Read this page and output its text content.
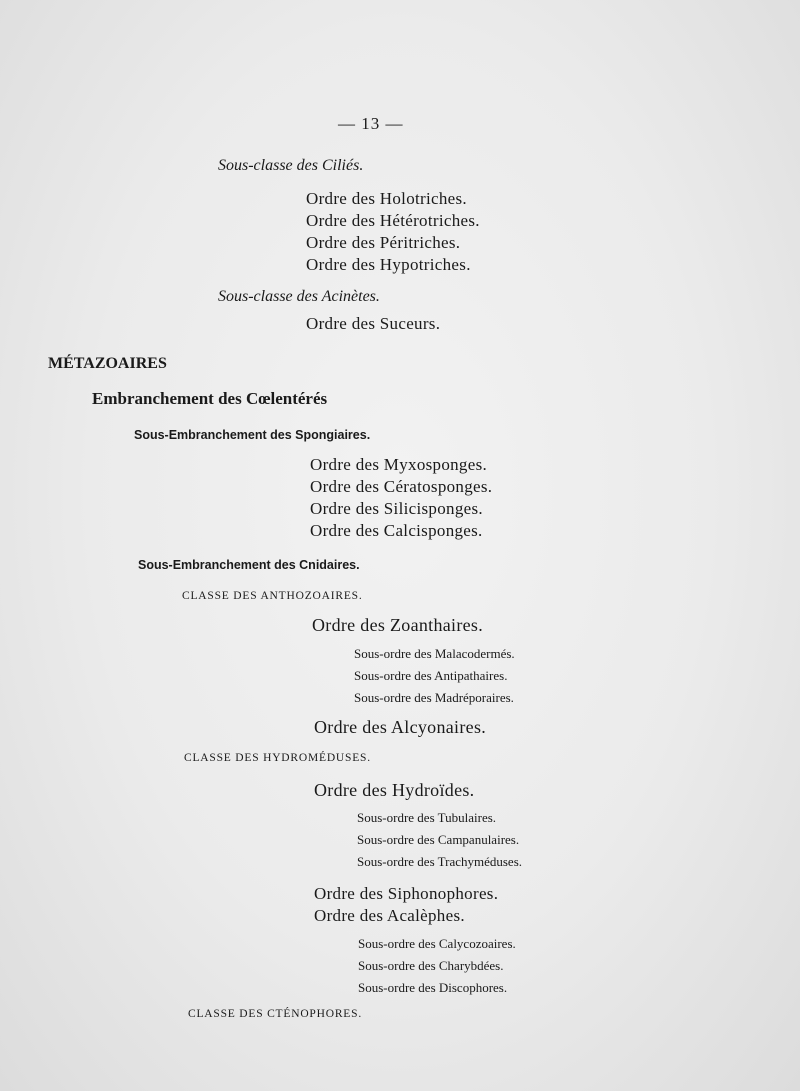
— 13 —
Sous-classe des Ciliés.
Ordre des Holotriches.
Ordre des Hétérotriches.
Ordre des Péritriches.
Ordre des Hypotriches.
Sous-classe des Acinètes.
Ordre des Suceurs.
MÉTAZOAIRES
Embranchement des Cœlentérés
Sous-Embranchement des Spongiaires.
Ordre des Myxosponges.
Ordre des Cératosponges.
Ordre des Silicisponges.
Ordre des Calcisponges.
Sous-Embranchement des Cnidaires.
CLASSE DES ANTHOZOAIRES.
Ordre des Zoanthaires.
Sous-ordre des Malacodermés.
Sous-ordre des Antipathaires.
Sous-ordre des Madréporaires.
Ordre des Alcyonaires.
CLASSE DES HYDROMÉDUSES.
Ordre des Hydroïdes.
Sous-ordre des Tubulaires.
Sous-ordre des Campanulaires.
Sous-ordre des Trachyméduses.
Ordre des Siphonophores.
Ordre des Acalèphes.
Sous-ordre des Calycozoaires.
Sous-ordre des Charybdées.
Sous-ordre des Discophores.
CLASSE DES CTÉNOPHORES.
